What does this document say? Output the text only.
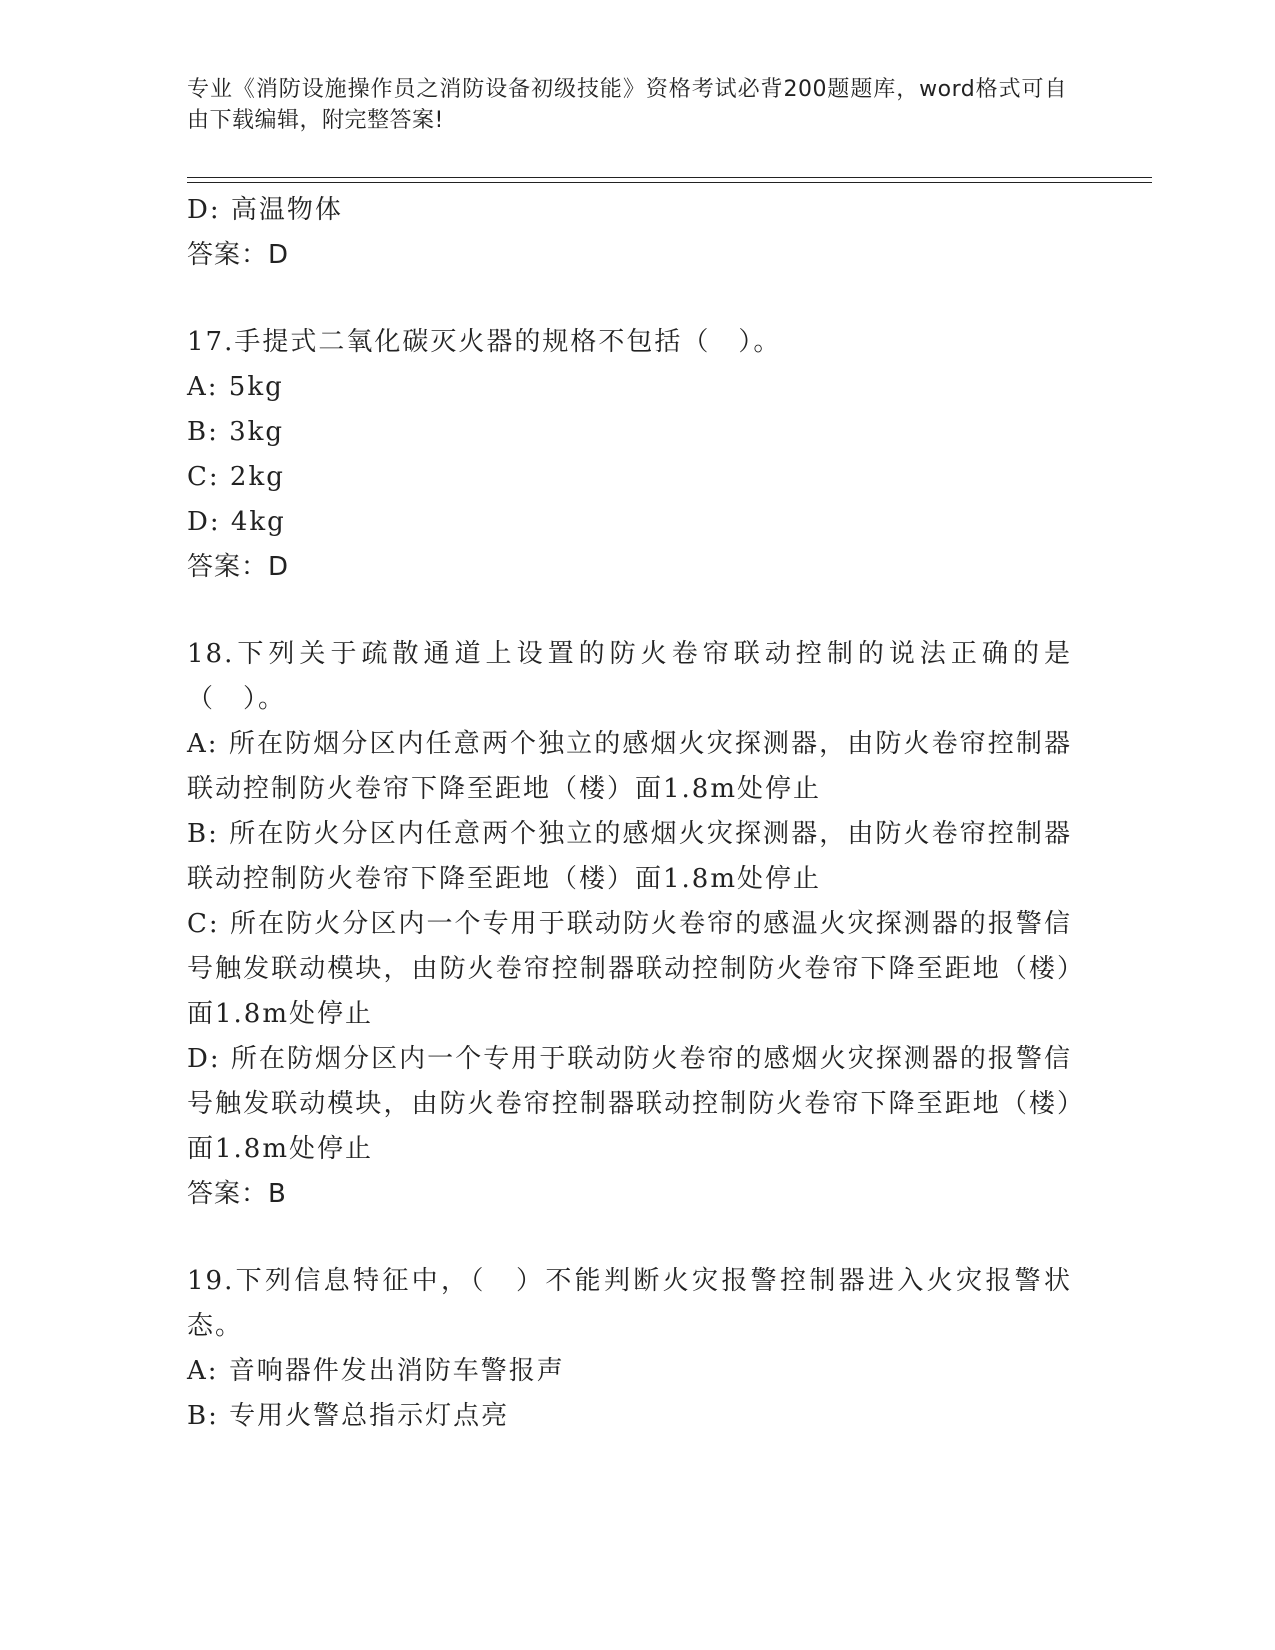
专业《消防设施操作员之消防设备初级技能》资格考试必背200题题库，word格式可自由下载编辑，附完整答案!
D: 高温物体
答案：D
17.手提式二氧化碳灭火器的规格不包括（　）。
A: 5kg
B: 3kg
C: 2kg
D: 4kg
答案：D
18.下列关于疏散通道上设置的防火卷帘联动控制的说法正确的是（　）。
A: 所在防烟分区内任意两个独立的感烟火灾探测器，由防火卷帘控制器联动控制防火卷帘下降至距地（楼）面1.8m处停止
B: 所在防火分区内任意两个独立的感烟火灾探测器，由防火卷帘控制器联动控制防火卷帘下降至距地（楼）面1.8m处停止
C: 所在防火分区内一个专用于联动防火卷帘的感温火灾探测器的报警信号触发联动模块，由防火卷帘控制器联动控制防火卷帘下降至距地（楼）面1.8m处停止
D: 所在防烟分区内一个专用于联动防火卷帘的感烟火灾探测器的报警信号触发联动模块，由防火卷帘控制器联动控制防火卷帘下降至距地（楼）面1.8m处停止
答案：B
19.下列信息特征中，（　）不能判断火灾报警控制器进入火灾报警状态。
A: 音响器件发出消防车警报声
B: 专用火警总指示灯点亮
